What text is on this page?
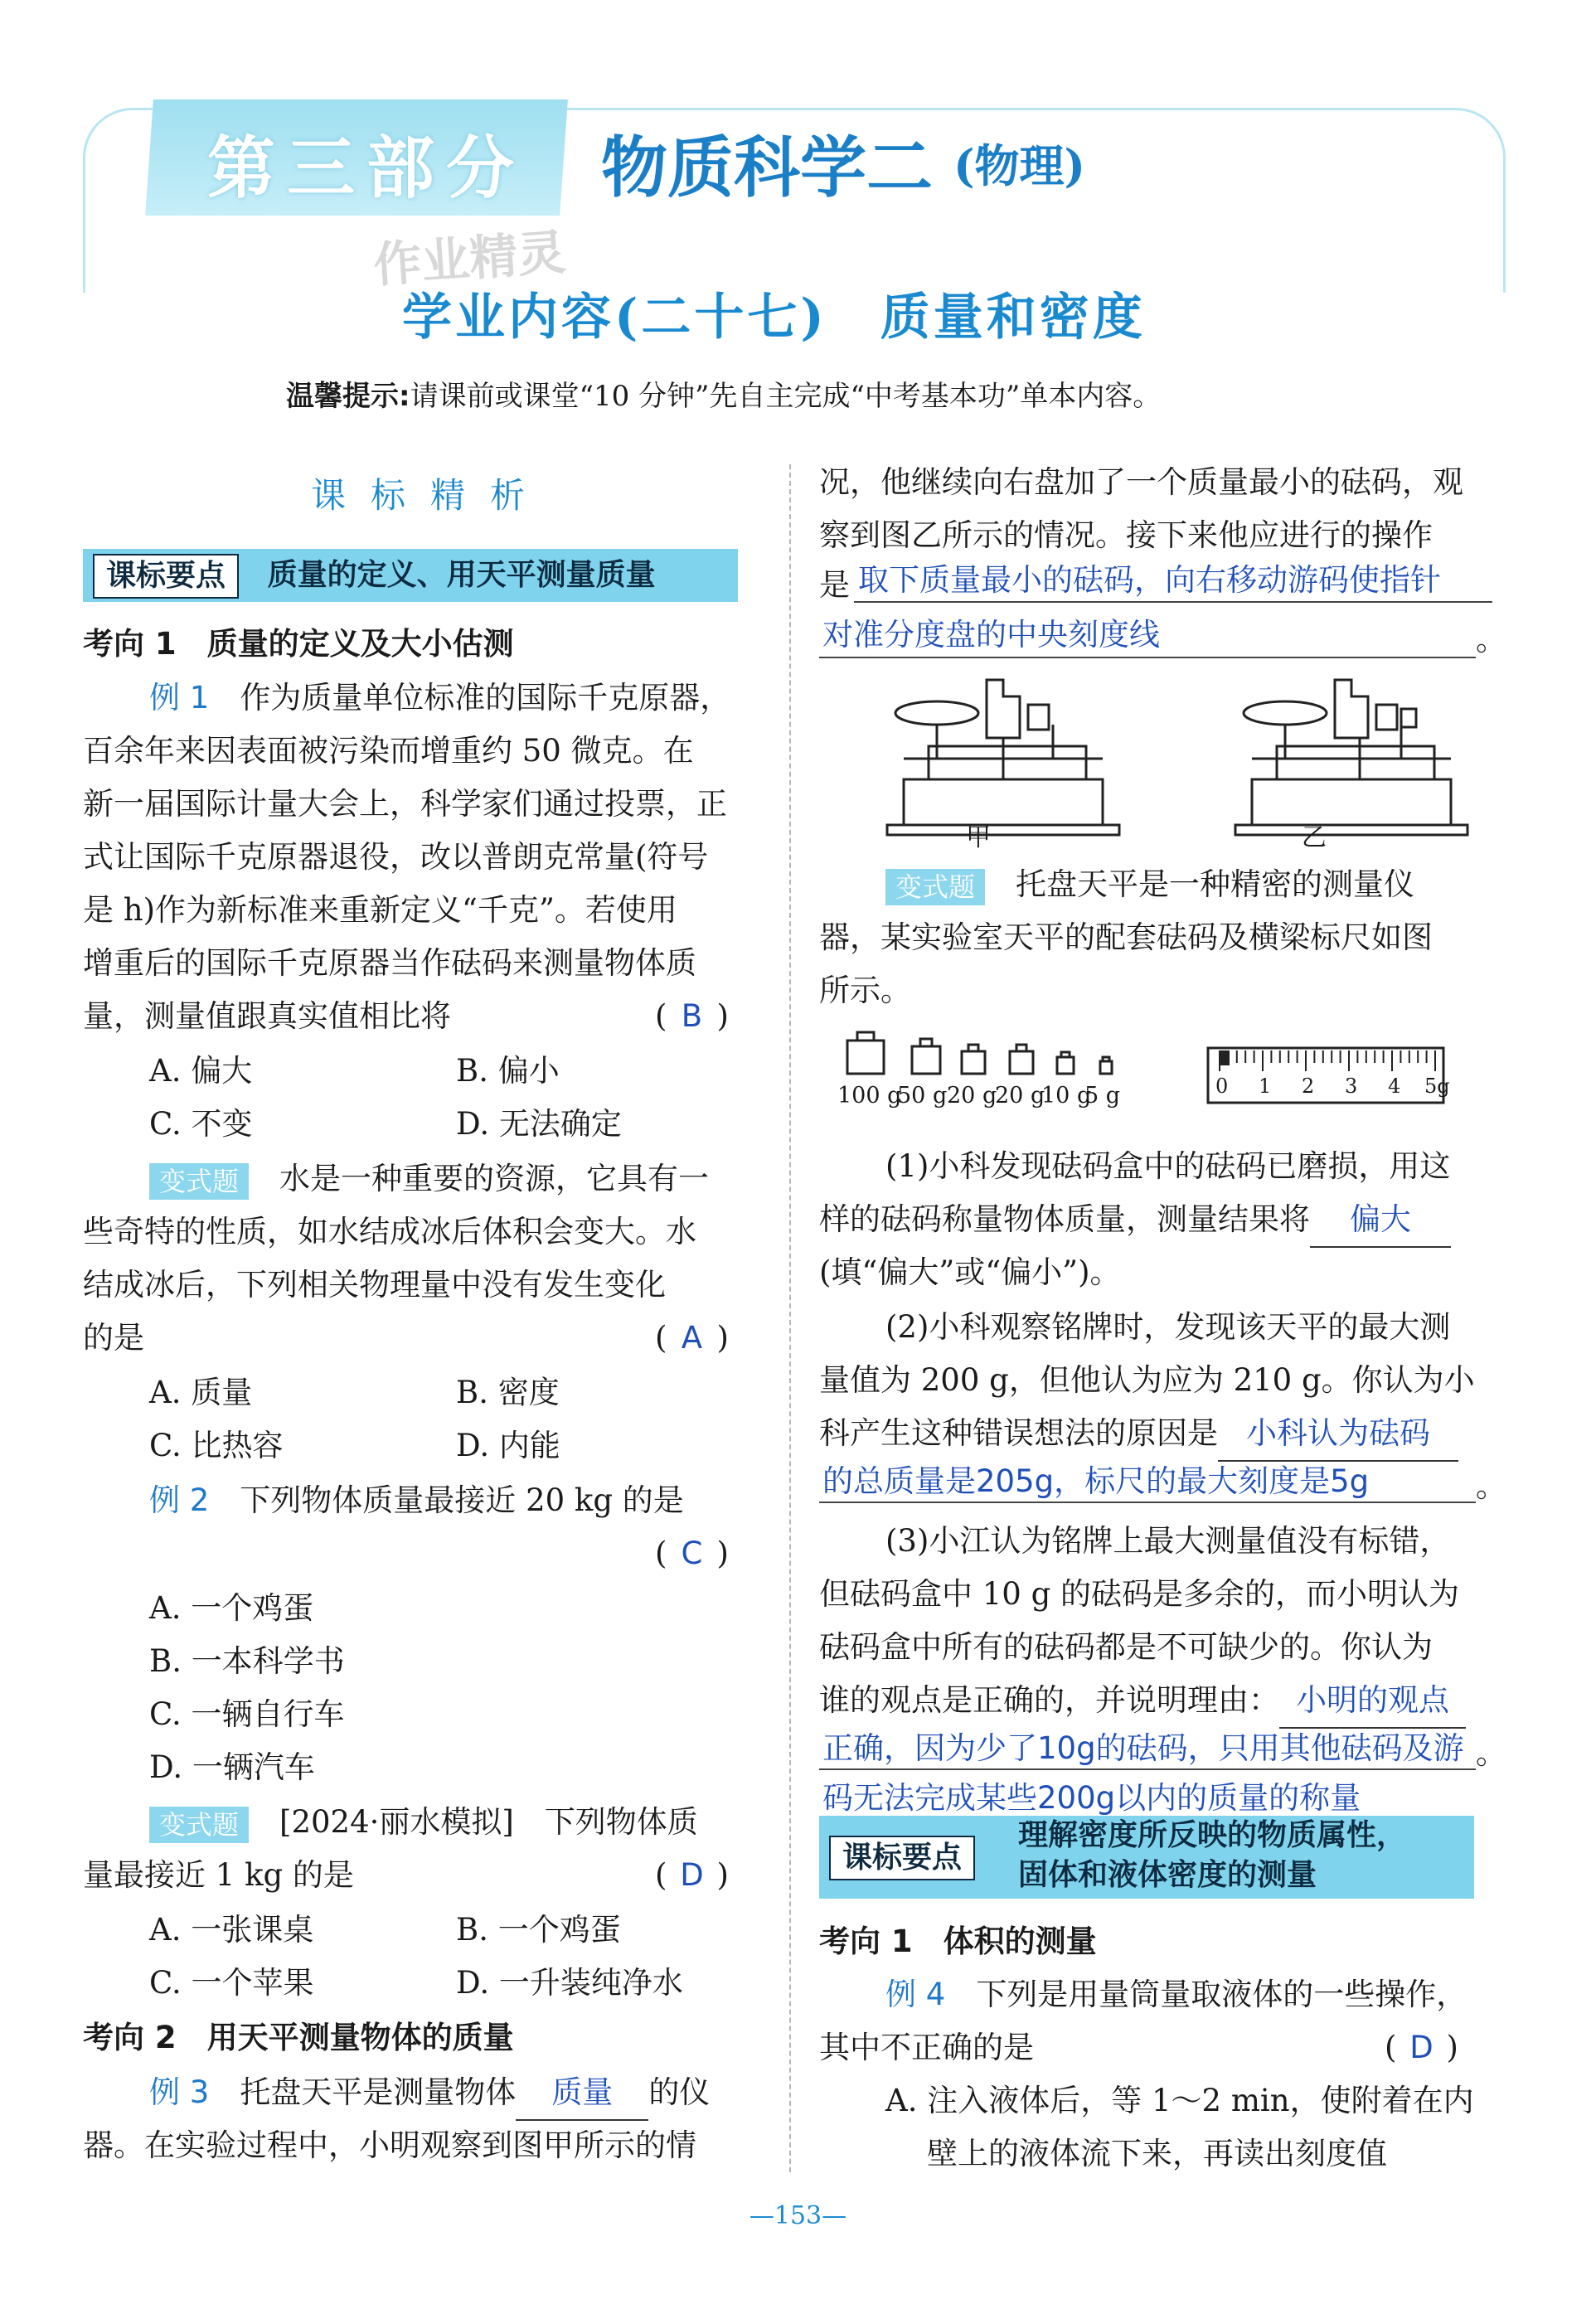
第三部分 物质科学二 (物理)
作业精灵
学业内容(二十七)　质量和密度
温馨提示:请课前或课堂“10 分钟”先自主完成“中考基本功”单本内容。
课标精析
课标要点 质量的定义、用天平测量质量
考向 1　质量的定义及大小估测
例 1　 作为质量单位标准的国际千克原器，
百余年来因表面被污染而增重约 50 微克。在
新一届国际计量大会上，科学家们通过投票，正
式让国际千克原器退役，改以普朗克常量(符号
是 h)作为新标准来重新定义“千克”。若使用
增重后的国际千克原器当作砝码来测量物体质
量，测量值跟真实值相比将	( B )
A. 偏大	B. 偏小
C. 不变	D. 无法确定
变式题　 水是一种重要的资源，它具有一
些奇特的性质，如水结成冰后体积会变大。水
结成冰后，下列相关物理量中没有发生变化
的是	( A )
A. 质量	B. 密度
C. 比热容	D. 内能
例 2　 下列物体质量最接近 20 kg 的是
( C )
A. 一个鸡蛋
B. 一本科学书
C. 一辆自行车
D. 一辆汽车
变式题　 [2024·丽水模拟]　下列物体质
量最接近 1 kg 的是	( D )
A. 一张课桌	B. 一个鸡蛋
C. 一个苹果	D. 一升装纯净水
考向 2　用天平测量物体的质量
例 3　 托盘天平是测量物体 质量 的仪
器。在实验过程中，小明观察到图甲所示的情
况，他继续向右盘加了一个质量最小的砝码，观
察到图乙所示的情况。接下来他应进行的操作
是 取下质量最小的砝码，向右移动游码使指针
对准分度盘的中央刻度线	。
甲	乙
变式题　 托盘天平是一种精密的测量仪
器，某实验室天平的配套砝码及横梁标尺如图
所示。
100 g50 g20 g20 g10 g5 g	0 1 2 3 4 5g
(1)小科发现砝码盒中的砝码已磨损，用这
样的砝码称量物体质量，测量结果将 偏大
(填“偏大”或“偏小”)。
(2)小科观察铭牌时，发现该天平的最大测
量值为 200 g，但他认为应为 210 g。你认为小
科产生这种错误想法的原因是 小科认为砝码
的总质量是205g，标尺的最大刻度是5g	。
(3)小江认为铭牌上最大测量值没有标错，
但砝码盒中 10 g 的砝码是多余的，而小明认为
砝码盒中所有的砝码都是不可缺少的。你认为
谁的观点是正确的，并说明理由： 小明的观点
正确，因为少了10g的砝码，只用其他砝码及游 。
码无法完成某些200g以内的质量的称量
课标要点
理解密度所反映的物质属性，
固体和液体密度的测量
考向 1　体积的测量
例 4　 下列是用量筒量取液体的一些操作，
其中不正确的是	( D )
A. 注入液体后，等 1～2 min，使附着在内
壁上的液体流下来，再读出刻度值
—153—
